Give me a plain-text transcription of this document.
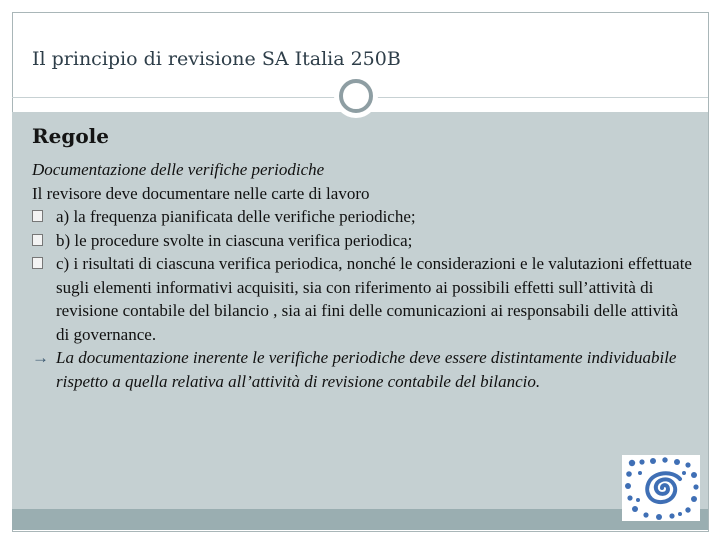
Il principio di revisione SA Italia 250B
Regole
Documentazione delle verifiche periodiche
Il revisore deve documentare nelle carte di lavoro
a) la frequenza pianificata delle verifiche periodiche;
b) le procedure svolte in ciascuna verifica periodica;
c) i risultati di ciascuna verifica periodica, nonché le considerazioni e le valutazioni effettuate sugli elementi informativi acquisiti, sia con riferimento ai possibili effetti sull’attività di revisione contabile del bilancio , sia ai fini delle comunicazioni ai responsabili delle attività di governance.
→ La documentazione inerente le verifiche periodiche deve essere distintamente individuabile rispetto a quella relativa all’attività di revisione contabile del bilancio.
